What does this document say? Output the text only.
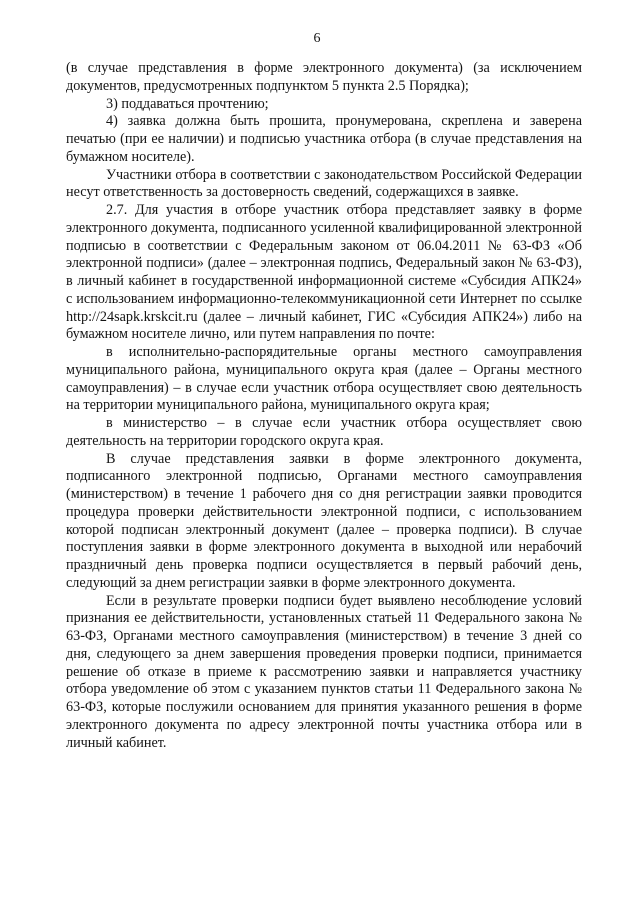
6

(в случае представления в форме электронного документа) (за исключением документов, предусмотренных подпунктом 5 пункта 2.5 Порядка);

3) поддаваться прочтению;

4) заявка должна быть прошита, пронумерована, скреплена и заверена печатью (при ее наличии) и подписью участника отбора (в случае представления на бумажном носителе).

Участники отбора в соответствии с законодательством Российской Федерации несут ответственность за достоверность сведений, содержащихся в заявке.

2.7. Для участия в отборе участник отбора представляет заявку в форме электронного документа, подписанного усиленной квалифицированной электронной подписью в соответствии с Федеральным законом от 06.04.2011 № 63-ФЗ «Об электронной подписи» (далее – электронная подпись, Федеральный закон № 63-ФЗ), в личный кабинет в государственной информационной системе «Субсидия АПК24» с использованием информационно-телекоммуникационной сети Интернет по ссылке http://24sapk.krskcit.ru (далее – личный кабинет, ГИС «Субсидия АПК24») либо на бумажном носителе лично, или путем направления по почте:

в исполнительно-распорядительные органы местного самоуправления муниципального района, муниципального округа края (далее – Органы местного самоуправления) – в случае если участник отбора осуществляет свою деятельность на территории муниципального района, муниципального округа края;

в министерство – в случае если участник отбора осуществляет свою деятельность на территории городского округа края.

В случае представления заявки в форме электронного документа, подписанного электронной подписью, Органами местного самоуправления (министерством) в течение 1 рабочего дня со дня регистрации заявки проводится процедура проверки действительности электронной подписи, с использованием которой подписан электронный документ (далее – проверка подписи). В случае поступления заявки в форме электронного документа в выходной или нерабочий праздничный день проверка подписи осуществляется в первый рабочий день, следующий за днем регистрации заявки в форме электронного документа.

Если в результате проверки подписи будет выявлено несоблюдение условий признания ее действительности, установленных статьей 11 Федерального закона № 63-ФЗ, Органами местного самоуправления (министерством) в течение 3 дней со дня, следующего за днем завершения проведения проверки подписи, принимается решение об отказе в приеме к рассмотрению заявки и направляется участнику отбора уведомление об этом с указанием пунктов статьи 11 Федерального закона № 63-ФЗ, которые послужили основанием для принятия указанного решения в форме электронного документа по адресу электронной почты участника отбора или в личный кабинет.
